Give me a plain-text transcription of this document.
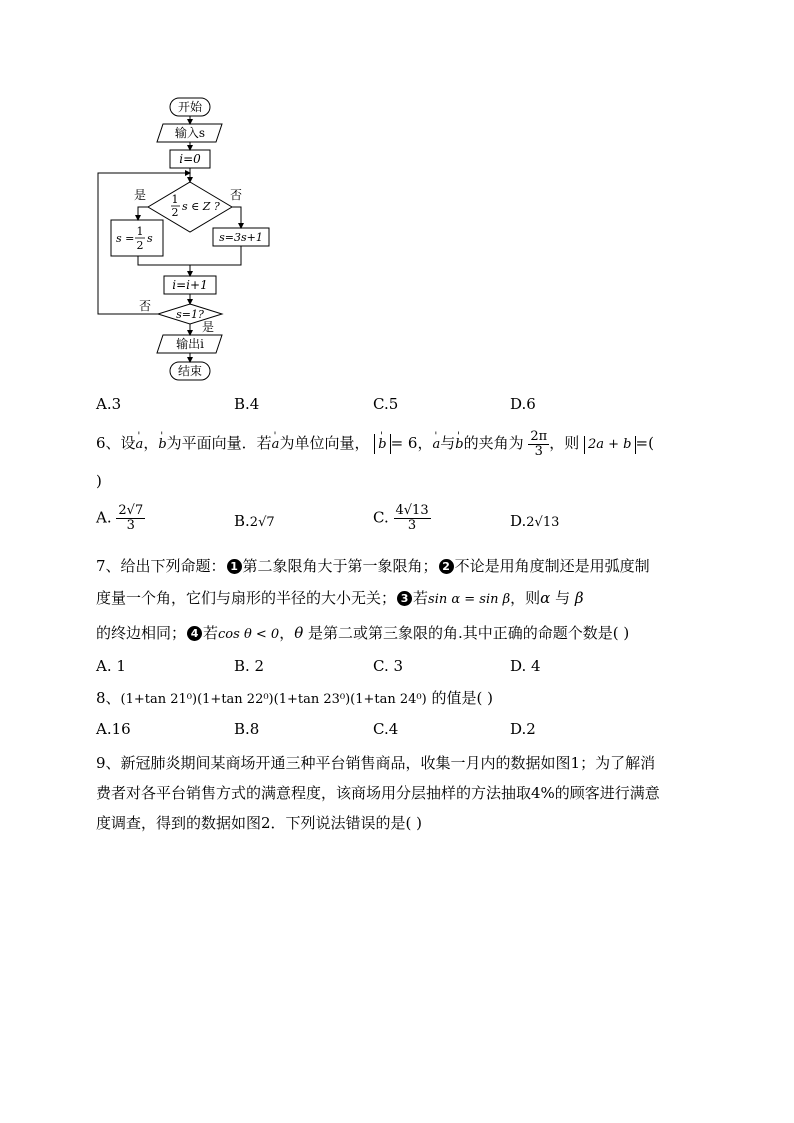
开始
输入s
i=0
1
2 s ∈ Z ?
是	否
s =
1
2
s	s=3s+1
i=i+1
s=1?
否
是
输出i
结束
A.3	B.4	C.5	D.6
6、设' a，' b为平面向量．若' a为单位向量， ' b = 6，' a与' b的夹角为 $\frac{2\pi}{3}$ ，则 2a + b =(
)
A. $\frac{2√7}{3}$	B.2√7	C. $\frac{4√13}{3}$	D.2√13
7、给出下列命题： 1 第二象限角大于第一象限角； 2 不论是用角度制还是用弧度制
度量一个角，它们与扇形的半径的大小无关； 3 若sin α = sin β，则α 与 β
的终边相同； 4 若cos θ < 0，θ 是第二或第三象限的角.其中正确的命题个数是( )
A. 1	B. 2	C. 3	D. 4
8、(1+tan 21⁰)(1+tan 22⁰)(1+tan 23⁰)(1+tan 24⁰) 的值是( )
A.16	B.8	C.4	D.2
9、新冠肺炎期间某商场开通三种平台销售商品，收集一月内的数据如图1；为了解消
费者对各平台销售方式的满意程度，该商场用分层抽样的方法抽取4%的顾客进行满意
度调查，得到的数据如图2．下列说法错误的是( )
